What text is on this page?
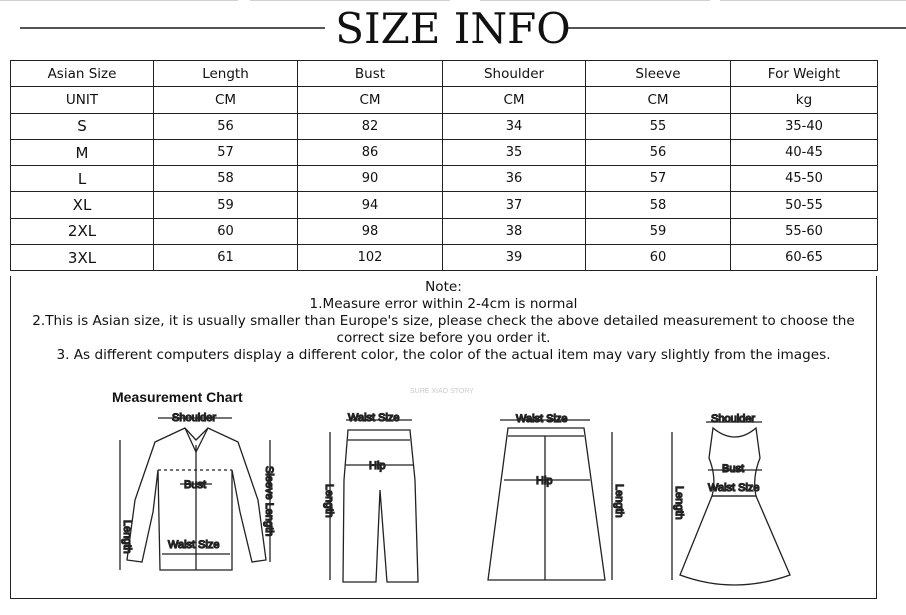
SIZE INFO
Asian Size	Length	Bust	Shoulder	Sleeve	For Weight
UNIT	CM	CM	CM	CM	kg
S	56	82	34	55	35-40
M	57	86	35	56	40-45
L	58	90	36	57	45-50
XL	59	94	37	58	50-55
2XL	60	98	38	59	55-60
3XL	61	102	39	60	60-65
Note:
1.Measure error within 2-4cm is normal
2.This is Asian size, it is usually smaller than Europe's size, please check the above detailed measurement to choose the correct size before you order it.
3. As different computers display a different color, the color of the actual item may vary slightly from the images.
Measurement Chart	SURE XIAO STORY
Shoulder
Bust
Waist Size
Length
Sleeve Length
Waist Size
Hip
Length
Waist Size
Hip
Length
Shoulder
Bust
Waist Size
Length
